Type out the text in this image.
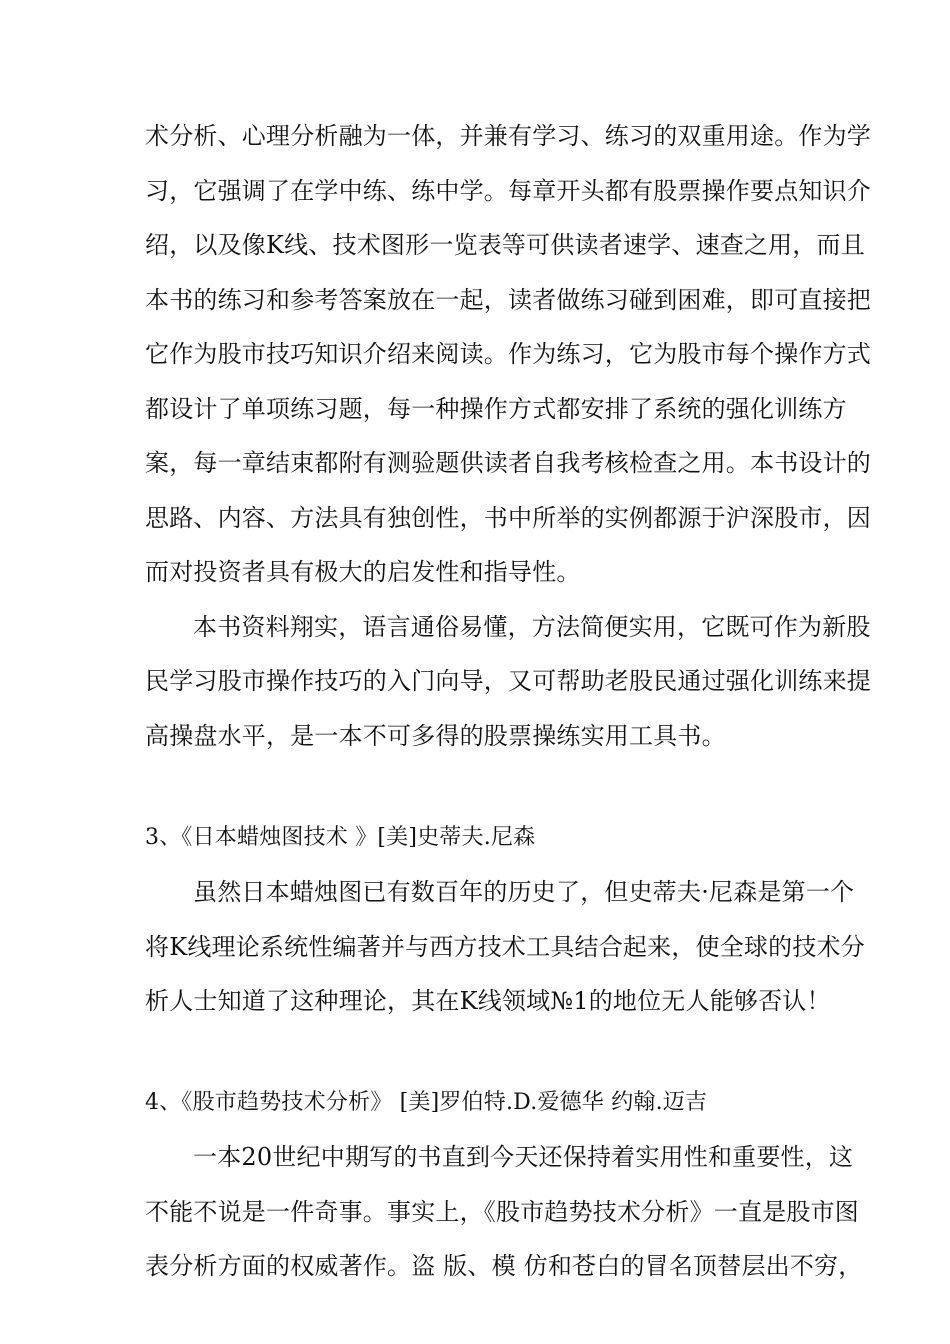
术分析、心理分析融为一体，并兼有学习、练习的双重用途。作为学
习，它强调了在学中练、练中学。每章开头都有股票操作要点知识介
绍，以及像K线、技术图形一览表等可供读者速学、速查之用，而且
本书的练习和参考答案放在一起，读者做练习碰到困难，即可直接把
它作为股市技巧知识介绍来阅读。作为练习，它为股市每个操作方式
都设计了单项练习题，每一种操作方式都安排了系统的强化训练方
案，每一章结束都附有测验题供读者自我考核检查之用。本书设计的
思路、内容、方法具有独创性，书中所举的实例都源于沪深股市，因
而对投资者具有极大的启发性和指导性。
本书资料翔实，语言通俗易懂，方法简便实用，它既可作为新股
民学习股市操作技巧的入门向导，又可帮助老股民通过强化训练来提
高操盘水平，是一本不可多得的股票操练实用工具书。
3、《日本蜡烛图技术 》[美]史蒂夫.尼森
虽然日本蜡烛图已有数百年的历史了，但史蒂夫·尼森是第一个
将K线理论系统性编著并与西方技术工具结合起来，使全球的技术分
析人士知道了这种理论，其在K线领域№1的地位无人能够否认！
4、《股市趋势技术分析》 [美]罗伯特.D.爱德华 约翰.迈吉
一本20世纪中期写的书直到今天还保持着实用性和重要性，这
不能不说是一件奇事。事实上，《股市趋势技术分析》一直是股市图
表分析方面的权威著作。盗 版、模 仿和苍白的冒名顶替层出不穷，
